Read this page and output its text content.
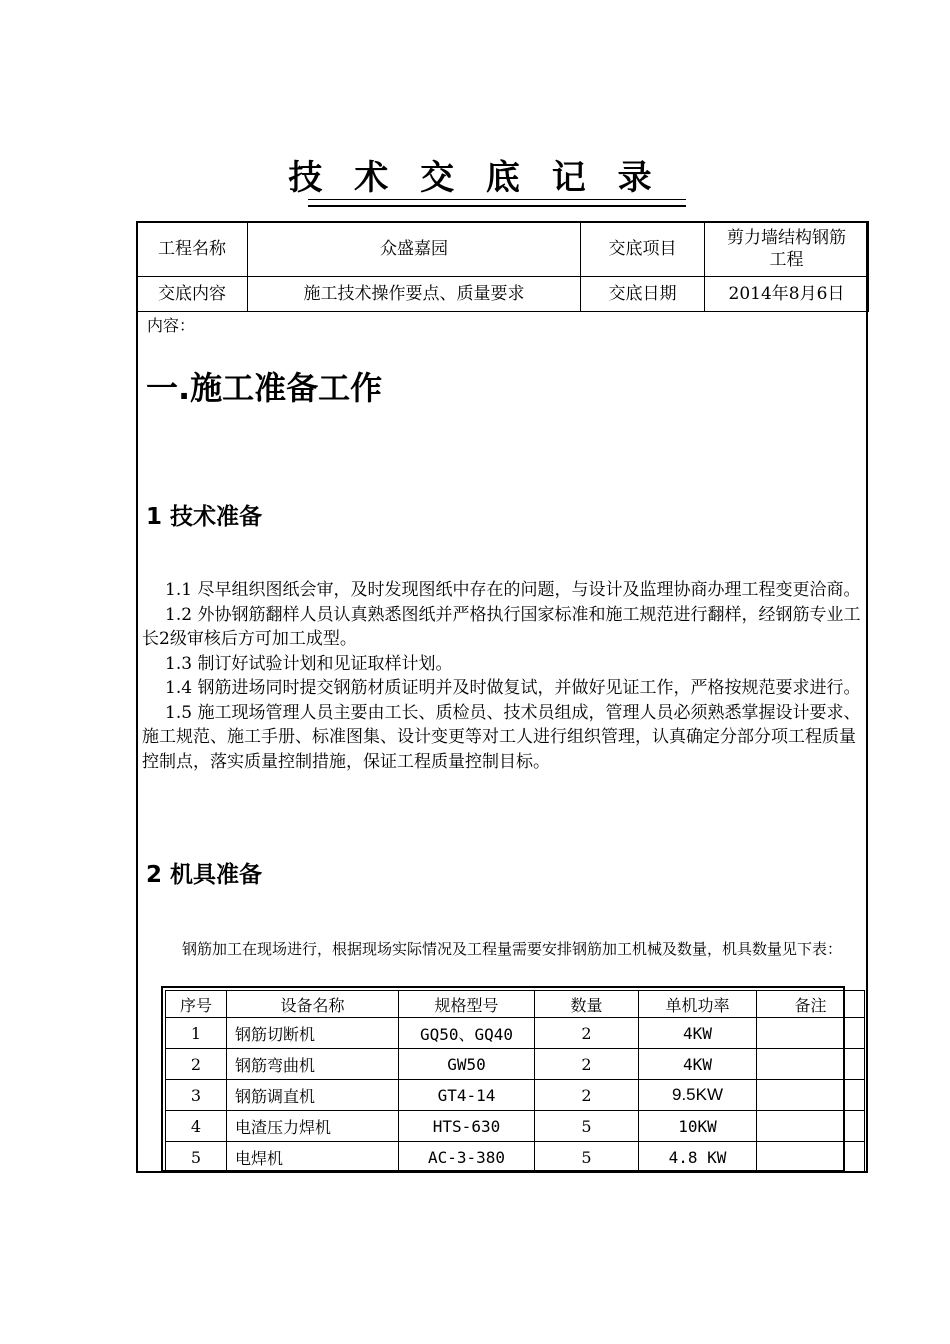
技 术 交 底 记 录
工程名称	众盛嘉园	交底项目	剪力墙结构钢筋
工程

交底内容	施工技术操作要点、质量要求	交底日期	2014年8月6日
内容：
一.施工准备工作
1 技术准备

1.1 尽早组织图纸会审，及时发现图纸中存在的问题，与设计及监理协商办理工程变更洽商。

1.2 外协钢筋翻样人员认真熟悉图纸并严格执行国家标准和施工规范进行翻样，经钢筋专业工长2级审核后方可加工成型。

1.3 制订好试验计划和见证取样计划。

1.4 钢筋进场同时提交钢筋材质证明并及时做复试，并做好见证工作，严格按规范要求进行。

1.5 施工现场管理人员主要由工长、质检员、技术员组成，管理人员必须熟悉掌握设计要求、施工规范、施工手册、标准图集、设计变更等对工人进行组织管理，认真确定分部分项工程质量控制点，落实质量控制措施，保证工程质量控制目标。

2 机具准备

钢筋加工在现场进行，根据现场实际情况及工程量需要安排钢筋加工机械及数量，机具数量见下表：

序号	设备名称	规格型号	数量	单机功率	备注
1	钢筋切断机	GQ50、GQ40	2	4KW	
2	钢筋弯曲机	GW50	2	4KW	
3	钢筋调直机	GT4-14	2	9.5KW	
4	电渣压力焊机	HTS-630	5	10KW	
5	电焊机	AC-3-380	5	4.8 KW	
